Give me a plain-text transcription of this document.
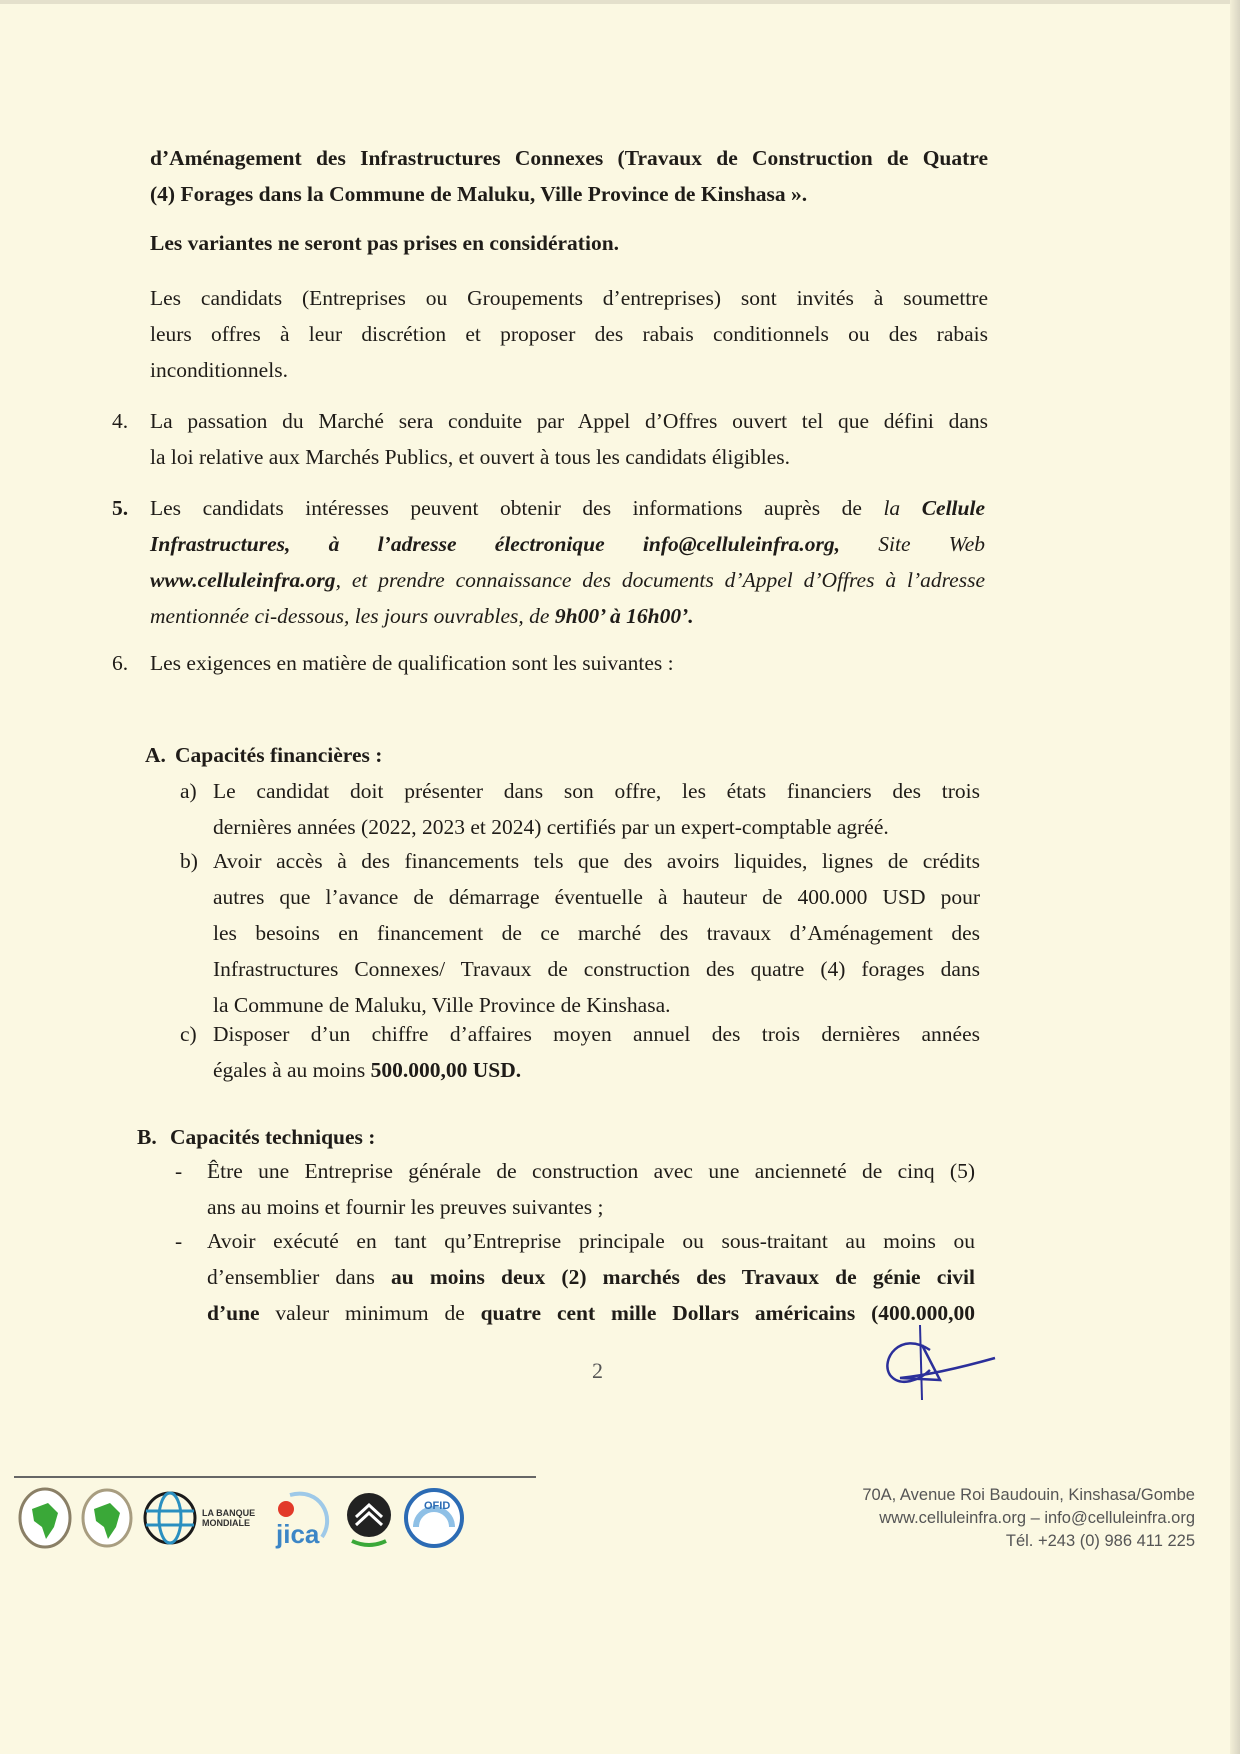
d’Aménagement des Infrastructures Connexes (Travaux de Construction de Quatre
(4) Forages dans la Commune de Maluku, Ville Province de Kinshasa ».
Les variantes ne seront pas prises en considération.
Les candidats (Entreprises ou Groupements d’entreprises) sont invités à soumettre
leurs offres à leur discrétion et proposer des rabais conditionnels ou des rabais
inconditionnels.
4. La passation du Marché sera conduite par Appel d’Offres ouvert tel que défini dans
la loi relative aux Marchés Publics, et ouvert à tous les candidats éligibles.
5. Les candidats intéresses peuvent obtenir des informations auprès de la Cellule
Infrastructures, à l’adresse électronique info@celluleinfra.org, Site Web
www.celluleinfra.org, et prendre connaissance des documents d’Appel d’Offres à l’adresse
mentionnée ci-dessous, les jours ouvrables, de 9h00’ à 16h00’.
6. Les exigences en matière de qualification sont les suivantes :
A. Capacités financières :
a) Le candidat doit présenter dans son offre, les états financiers des trois
dernières années (2022, 2023 et 2024) certifiés par un expert-comptable agréé.
b) Avoir accès à des financements tels que des avoirs liquides, lignes de crédits
autres que l’avance de démarrage éventuelle à hauteur de 400.000 USD pour
les besoins en financement de ce marché des travaux d’Aménagement des
Infrastructures Connexes/ Travaux de construction des quatre (4) forages dans
la Commune de Maluku, Ville Province de Kinshasa.
c) Disposer d’un chiffre d’affaires moyen annuel des trois dernières années
égales à au moins 500.000,00 USD.
B. Capacités techniques :
- Être une Entreprise générale de construction avec une ancienneté de cinq (5)
ans au moins et fournir les preuves suivantes ;
- Avoir exécuté en tant qu’Entreprise principale ou sous-traitant au moins ou
d’ensemblier dans au moins deux (2) marchés des Travaux de génie civil
d’une valeur minimum de quatre cent mille Dollars américains (400.000,00
2
LA BANQUE MONDIALE	jica
OFID
70A, Avenue Roi Baudouin, Kinshasa/Gombe
www.celluleinfra.org – info@celluleinfra.org
Tél. +243 (0) 986 411 225
